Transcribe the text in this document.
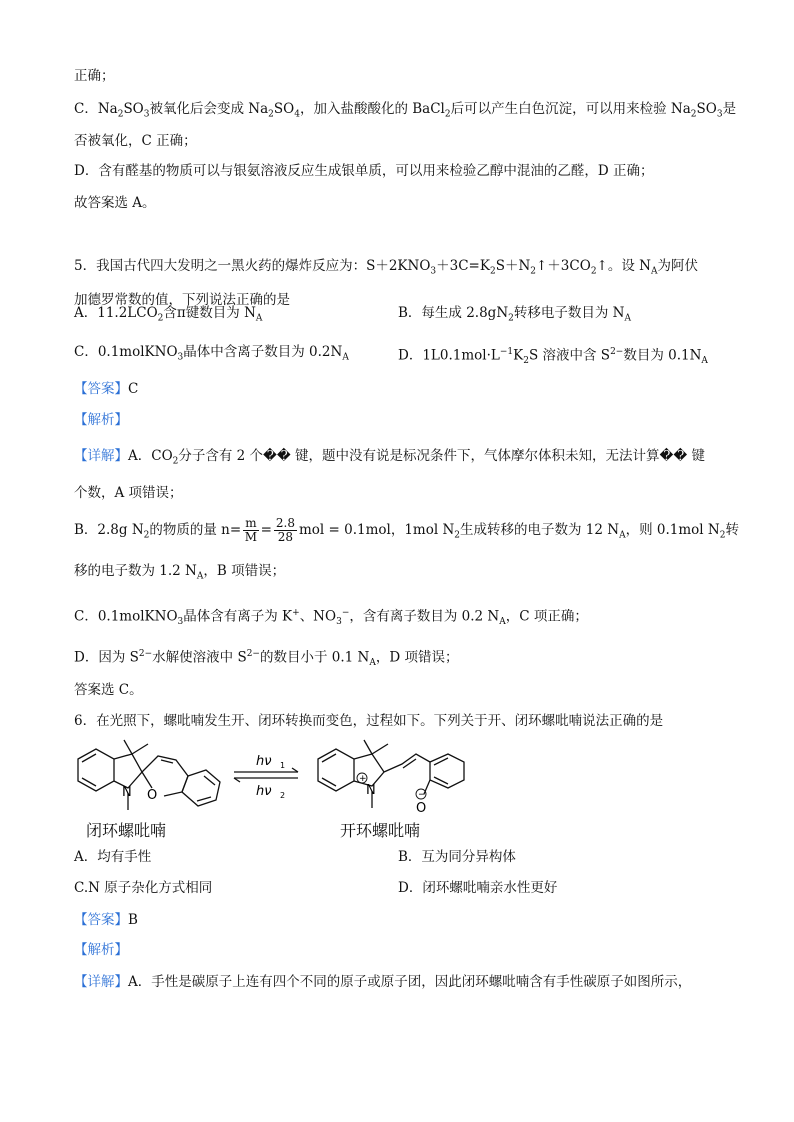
正确；
C．$Na_2SO_3$被氧化后会变成 $Na_2SO_4$，加入盐酸酸化的 BaCl$_2$后可以产生白色沉淀，可以用来检验 $Na_2SO_3$是
否被氧化，C 正确；
D．含有醛基的物质可以与银氨溶液反应生成银单质，可以用来检验乙醇中混油的乙醛，D 正确；
故答案选 A。
5．我国古代四大发明之一黑火药的爆炸反应为：$S+2KNO_3+3C=K_2S+N_2↑+3CO_2↑$。设 $N_A$为阿伏
加德罗常数的值，下列说法正确的是
A．$11.2LCO_2$含π键数目为 $N_A$	B．每生成 $2.8gN_2$转移电子数目为 $N_A$
C．0.1molKNO$_3$晶体中含离子数目为 $0.2N_A$	D．$1L0.1mol\cdot L^{-1}K_2S$ 溶液中含 $S^{2-}$数目为 $0.1N_A$
【答案】C
【解析】
【详解】A．$CO_2$分子含有 2 个�� 键，题中没有说是标况条件下，气体摩尔体积未知，无法计算�� 键
个数，A 项错误；
B．2.8g $N_2$的物质的量 $n= \frac{m}{M} = \frac{2.8}{28}$ mol = 0.1mol，1mol $N_2$生成转移的电子数为 12 $N_A$，则 0.1mol $N_2$转
移的电子数为 1.2 $N_A$，B 项错误；
C．0.1molKNO$_3$晶体含有离子为 K+、$NO_3^-$，含有离子数目为 0.2 $N_A$，C 项正确；
D．因为 $S^{2-}$水解使溶液中 $S^{2-}$的数目小于 0.1 $N_A$，D 项错误；
答案选 C。
6．在光照下，螺吡喃发生开、闭环转换而变色，过程如下。下列关于开、闭环螺吡喃说法正确的是
N O	N
+
O
−
hν 1
hν 2
闭环螺吡喃	开环螺吡喃
A．均有手性	B．互为同分异构体
C.N 原子杂化方式相同	D．闭环螺吡喃亲水性更好
【答案】B
【解析】
【详解】A．手性是碳原子上连有四个不同的原子或原子团，因此闭环螺吡喃含有手性碳原子如图所示，
